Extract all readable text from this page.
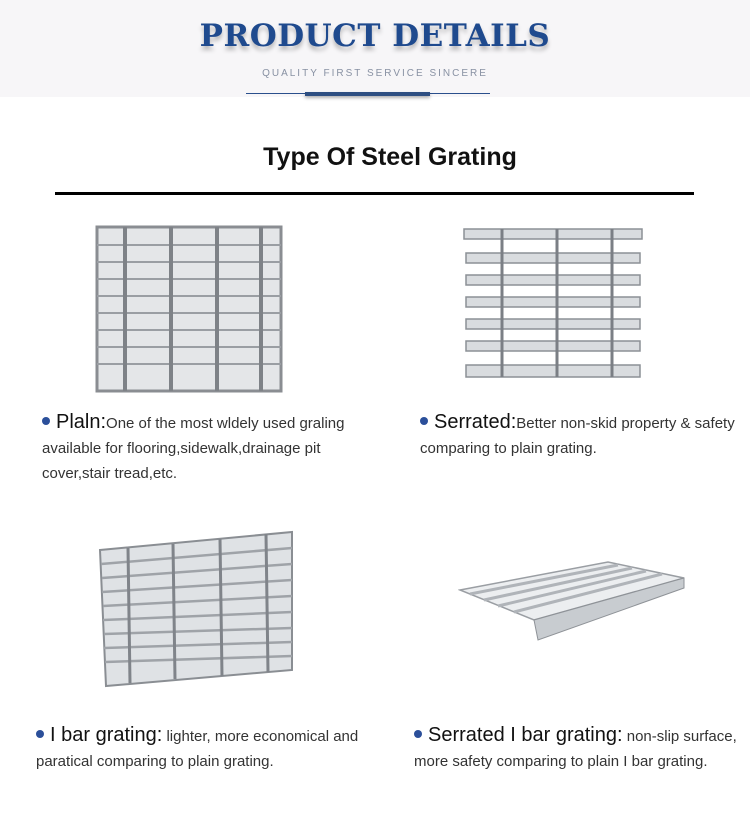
PRODUCT DETAILS
QUALITY FIRST SERVICE SINCERE
Type Of Steel Grating
Plaln:One of the most wldely used graling available for flooring,sidewalk,drainage pit cover,stair tread,etc.
Serrated:Better non-skid property & safety comparing to plain grating.
I bar grating: lighter, more economical and paratical comparing to plain grating.
Serrated I bar grating: non-slip surface, more safety comparing to plain I bar grating.
